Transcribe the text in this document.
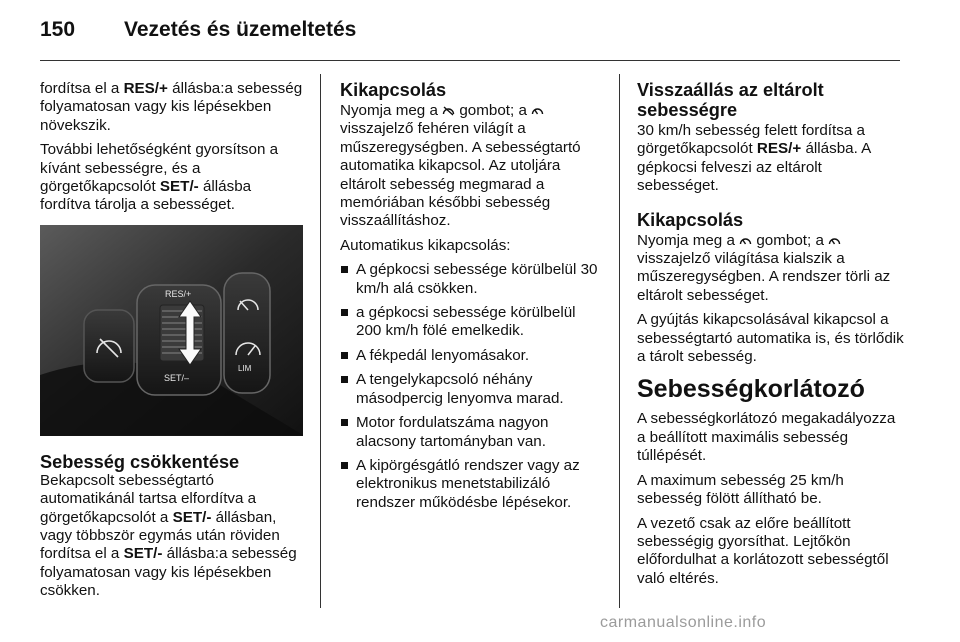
150 Vezetés és üzemeltetés

fordítsa el a RES/+ állásba:a sebesség folyamatosan vagy kis lépésekben növekszik.

További lehetőségként gyorsítson a kívánt sebességre, és a görgetőkapcsolót SET/- állásba fordítva tárolja a sebességet.

RES/+
SET/–
LIM
Sebesség csökkentése

Bekapcsolt sebességtartó automatikánál tartsa elfordítva a görgetőkapcsolót a SET/- állásban, vagy többször egymás után röviden fordítsa el a SET/- állásba:a sebesség folyamatosan vagy kis lépésekben csökken.

Kikapcsolás

Nyomja meg a  gombot; a  visszajelző fehéren világít a műszeregységben. A sebességtartó automatika kikapcsol. Az utoljára eltárolt sebesség megmarad a memóriában későbbi sebesség visszaállításhoz.

Automatikus kikapcsolás:

A gépkocsi sebessége körülbelül 30 km/h alá csökken.
a gépkocsi sebessége körülbelül 200 km/h fölé emelkedik.
A fékpedál lenyomásakor.
A tengelykapcsoló néhány másodpercig lenyomva marad.
Motor fordulatszáma nagyon alacsony tartományban van.
A kipörgésgátló rendszer vagy az elektronikus menetstabilizáló rendszer működésbe lépésekor.
Visszaállás az eltárolt sebességre

30 km/h sebesség felett fordítsa a görgetőkapcsolót RES/+ állásba. A gépkocsi felveszi az eltárolt sebességet.

Kikapcsolás

Nyomja meg a  gombot; a  visszajelző világítása kialszik a műszeregységben. A rendszer törli az eltárolt sebességet.

A gyújtás kikapcsolásával kikapcsol a sebességtartó automatika is, és törlődik a tárolt sebesség.

Sebességkorlátozó

A sebességkorlátozó megakadályozza a beállított maximális sebesség túllépését.

A maximum sebesség 25 km/h sebesség fölött állítható be.

A vezető csak az előre beállított sebességig gyorsíthat. Lejtőkön előfordulhat a korlátozott sebességtől való eltérés.

carmanualsonline.info
